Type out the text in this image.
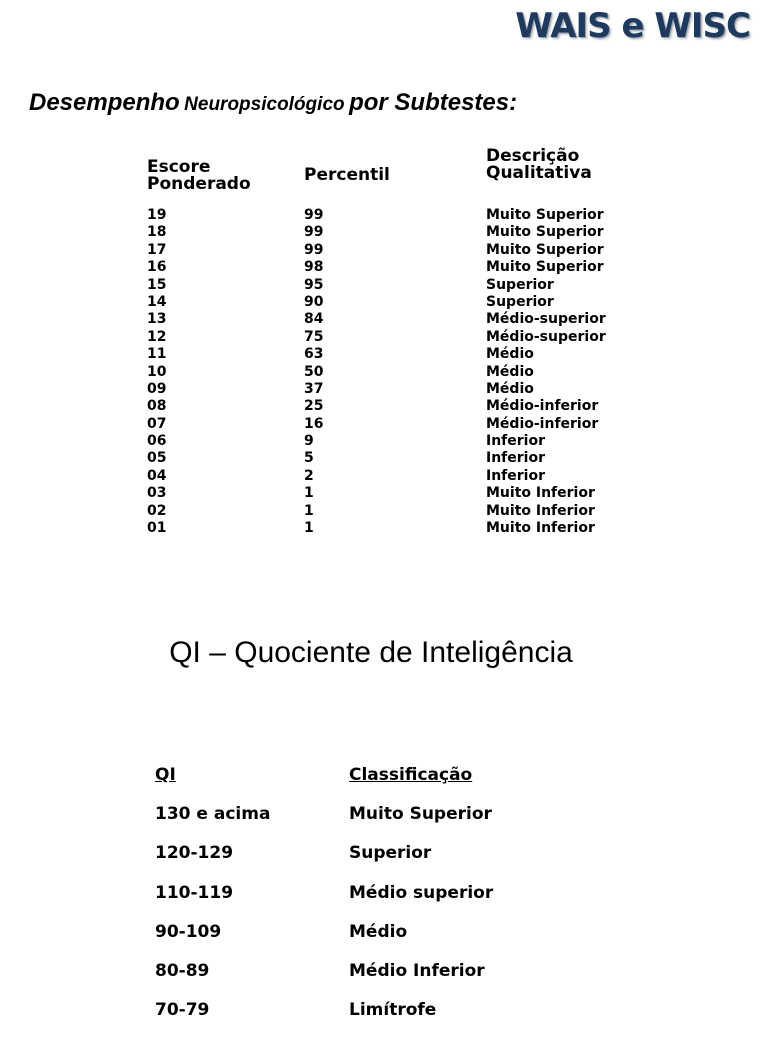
WAIS e WISC
Desempenho Neuropsicológico por Subtestes:
Escore
Ponderado	Percentil
Descrição
Qualitativa
19	99	Muito Superior
18	99	Muito Superior
17	99	Muito Superior
16	98	Muito Superior
15	95	Superior
14	90	Superior
13	84	Médio-superior
12	75	Médio-superior
11	63	Médio
10	50	Médio
09	37	Médio
08	25	Médio-inferior
07	16	Médio-inferior
06	9	Inferior
05	5	Inferior
04	2	Inferior
03	1	Muito Inferior
02	1	Muito Inferior
01	1	Muito Inferior
QI – Quociente de Inteligência
QI	Classificação
130 e acima	Muito Superior
120-129	Superior
110-119	Médio superior
90-109	Médio
80-89	Médio Inferior
70-79	Limítrofe
